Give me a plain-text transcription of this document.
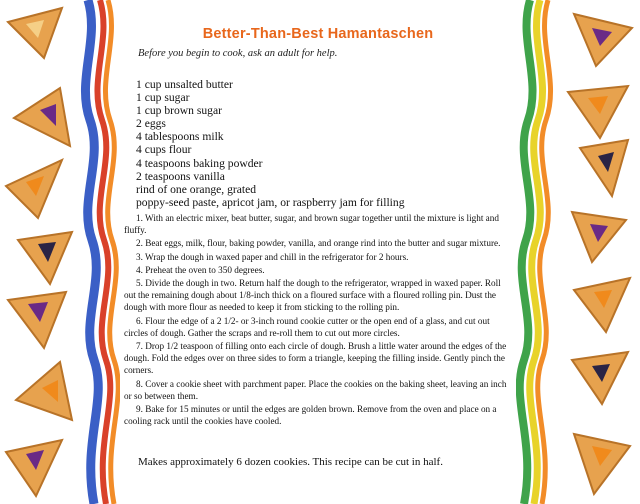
Better-Than-Best Hamantaschen
Before you begin to cook, ask an adult for help.
1 cup unsalted butter
1 cup sugar
1 cup brown sugar
2 eggs
4 tablespoons milk
4 cups flour
4 teaspoons baking powder
2 teaspoons vanilla
rind of one orange, grated
poppy-seed paste, apricot jam, or raspberry jam for filling
1. With an electric mixer, beat butter, sugar, and brown sugar together until the mixture is light and fluffy.
2. Beat eggs, milk, flour, baking powder, vanilla, and orange rind into the butter and sugar mixture.
3. Wrap the dough in waxed paper and chill in the refrigerator for 2 hours.
4. Preheat the oven to 350 degrees.
5. Divide the dough in two. Return half the dough to the refrigerator, wrapped in waxed paper. Roll out the remaining dough about 1/8-inch thick on a floured surface with a floured rolling pin. Dust the dough with more flour as needed to keep it from sticking to the rolling pin.
6. Flour the edge of a 2 1/2- or 3-inch round cookie cutter or the open end of a glass, and cut out circles of dough. Gather the scraps and re-roll them to cut out more circles.
7. Drop 1/2 teaspoon of filling onto each circle of dough. Brush a little water around the edges of the dough. Fold the edges over on three sides to form a triangle, keeping the filling inside. Gently pinch the corners.
8. Cover a cookie sheet with parchment paper. Place the cookies on the baking sheet, leaving an inch or so between them.
9. Bake for 15 minutes or until the edges are golden brown. Remove from the oven and place on a cooling rack until the cookies have cooled.
Makes approximately 6 dozen cookies. This recipe can be cut in half.
